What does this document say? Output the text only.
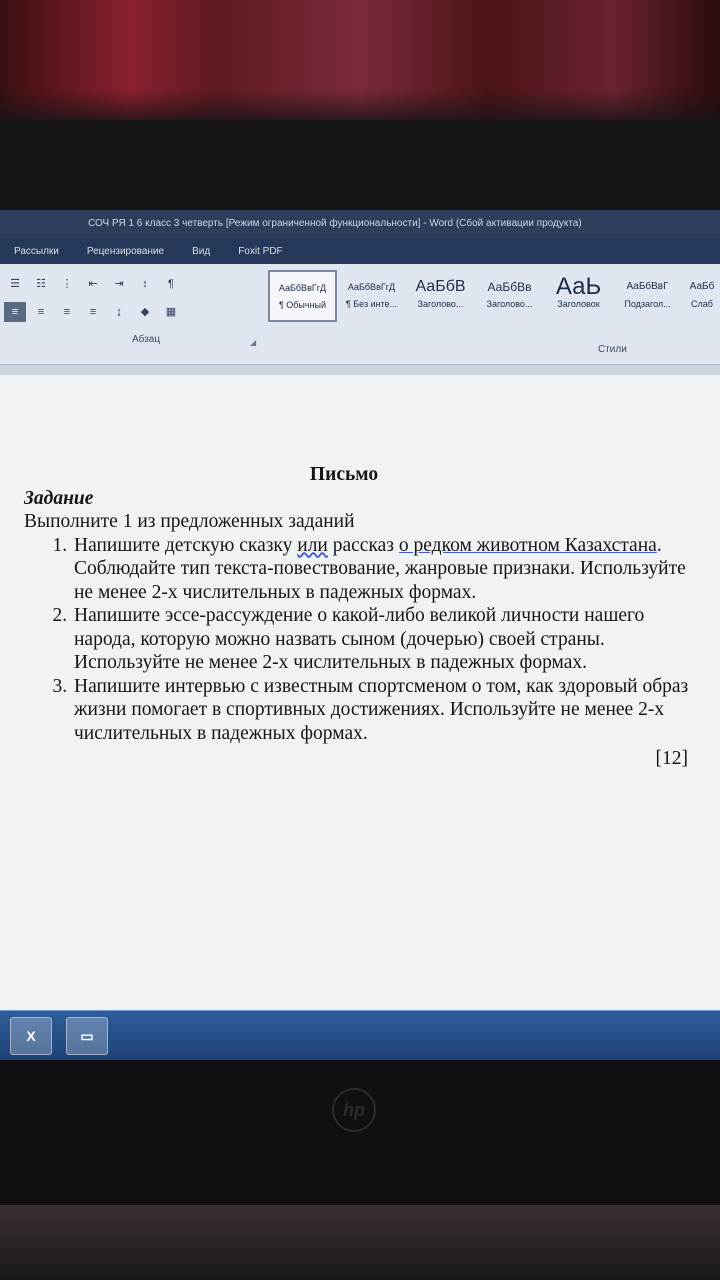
СОЧ РЯ 1 6 класс 3 четверть [Режим ограниченной функциональности] - Word (Сбой активации продукта)
Рассылки	Рецензирование	Вид	Foxit PDF
☰	☷	⋮	⇤	⇥	↕	¶
≡	≡	≡	≡	↨	◆	▦
Абзац	◢
АаБбВвГгД
¶ Обычный
АаБбВвГгД
¶ Без инте...
АаБбВ
Заголово...
АаБбВв
Заголово...
АаЬ
Заголовок
АаБбВвГ
Подзагол...
АаБб
Слаб
Стили
Письмо
Задание
Выполните 1 из предложенных заданий
1. Напишите детскую сказку или рассказ о редком животном Казахстана. Соблюдайте тип текста-повествование, жанровые признаки. Используйте не менее 2-х числительных в падежных формах.
2. Напишите эссе-рассуждение о какой-либо великой личности нашего народа, которую можно назвать сыном (дочерью) своей страны. Используйте не менее 2-х числительных в падежных формах.
3. Напишите интервью с известным спортсменом о том, как здоровый образ жизни помогает в спортивных достижениях. Используйте не менее 2-х числительных в падежных формах.
[12]
X	▭
hp
